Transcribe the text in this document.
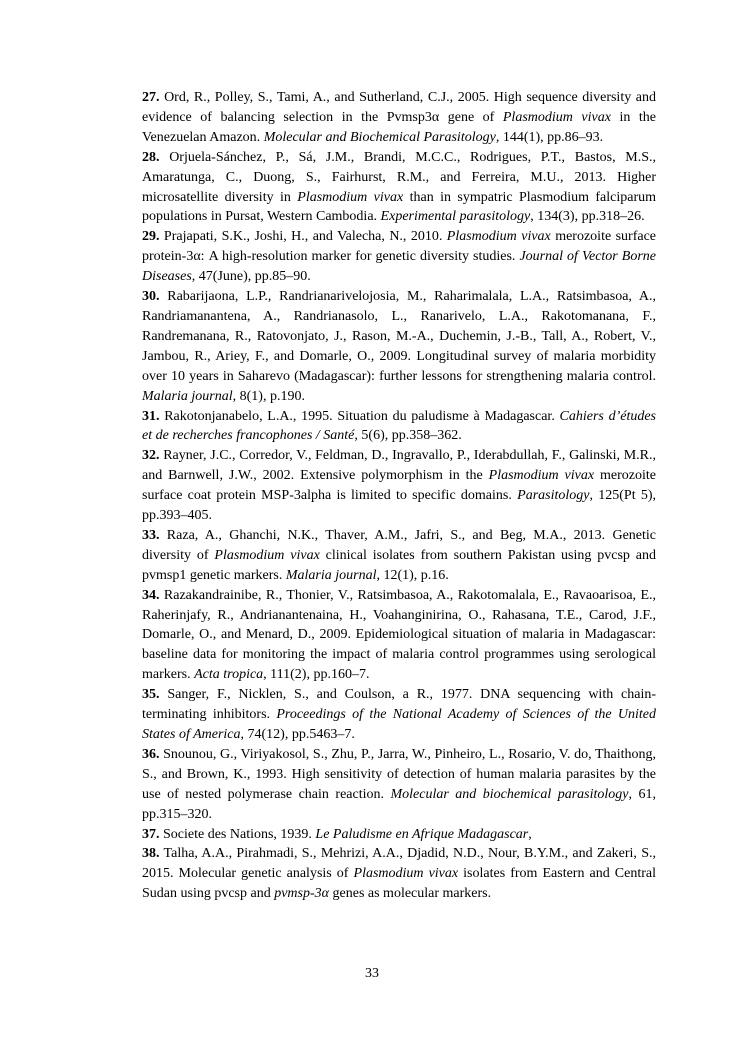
27. Ord, R., Polley, S., Tami, A., and Sutherland, C.J., 2005. High sequence diversity and evidence of balancing selection in the Pvmsp3α gene of Plasmodium vivax in the Venezuelan Amazon. Molecular and Biochemical Parasitology, 144(1), pp.86–93.

28. Orjuela-Sánchez, P., Sá, J.M., Brandi, M.C.C., Rodrigues, P.T., Bastos, M.S., Amaratunga, C., Duong, S., Fairhurst, R.M., and Ferreira, M.U., 2013. Higher microsatellite diversity in Plasmodium vivax than in sympatric Plasmodium falciparum populations in Pursat, Western Cambodia. Experimental parasitology, 134(3), pp.318–26.

29. Prajapati, S.K., Joshi, H., and Valecha, N., 2010. Plasmodium vivax merozoite surface protein-3α: A high-resolution marker for genetic diversity studies. Journal of Vector Borne Diseases, 47(June), pp.85–90.

30. Rabarijaona, L.P., Randrianarivelojosia, M., Raharimalala, L.A., Ratsimbasoa, A., Randriamanantena, A., Randrianasolo, L., Ranarivelo, L.A., Rakotomanana, F., Randremanana, R., Ratovonjato, J., Rason, M.-A., Duchemin, J.-B., Tall, A., Robert, V., Jambou, R., Ariey, F., and Domarle, O., 2009. Longitudinal survey of malaria morbidity over 10 years in Saharevo (Madagascar): further lessons for strengthening malaria control. Malaria journal, 8(1), p.190.

31. Rakotonjanabelo, L.A., 1995. Situation du paludisme à Madagascar. Cahiers d’études et de recherches francophones / Santé, 5(6), pp.358–362.

32. Rayner, J.C., Corredor, V., Feldman, D., Ingravallo, P., Iderabdullah, F., Galinski, M.R., and Barnwell, J.W., 2002. Extensive polymorphism in the Plasmodium vivax merozoite surface coat protein MSP-3alpha is limited to specific domains. Parasitology, 125(Pt 5), pp.393–405.

33. Raza, A., Ghanchi, N.K., Thaver, A.M., Jafri, S., and Beg, M.A., 2013. Genetic diversity of Plasmodium vivax clinical isolates from southern Pakistan using pvcsp and pvmsp1 genetic markers. Malaria journal, 12(1), p.16.

34. Razakandrainibe, R., Thonier, V., Ratsimbasoa, A., Rakotomalala, E., Ravaoarisoa, E., Raherinjafy, R., Andrianantenaina, H., Voahanginirina, O., Rahasana, T.E., Carod, J.F., Domarle, O., and Menard, D., 2009. Epidemiological situation of malaria in Madagascar: baseline data for monitoring the impact of malaria control programmes using serological markers. Acta tropica, 111(2), pp.160–7.

35. Sanger, F., Nicklen, S., and Coulson, a R., 1977. DNA sequencing with chain-terminating inhibitors. Proceedings of the National Academy of Sciences of the United States of America, 74(12), pp.5463–7.

36. Snounou, G., Viriyakosol, S., Zhu, P., Jarra, W., Pinheiro, L., Rosario, V. do, Thaithong, S., and Brown, K., 1993. High sensitivity of detection of human malaria parasites by the use of nested polymerase chain reaction. Molecular and biochemical parasitology, 61, pp.315–320.

37. Societe des Nations, 1939. Le Paludisme en Afrique Madagascar,

38. Talha, A.A., Pirahmadi, S., Mehrizi, A.A., Djadid, N.D., Nour, B.Y.M., and Zakeri, S., 2015. Molecular genetic analysis of Plasmodium vivax isolates from Eastern and Central Sudan using pvcsp and pvmsp-3α genes as molecular markers.

33
